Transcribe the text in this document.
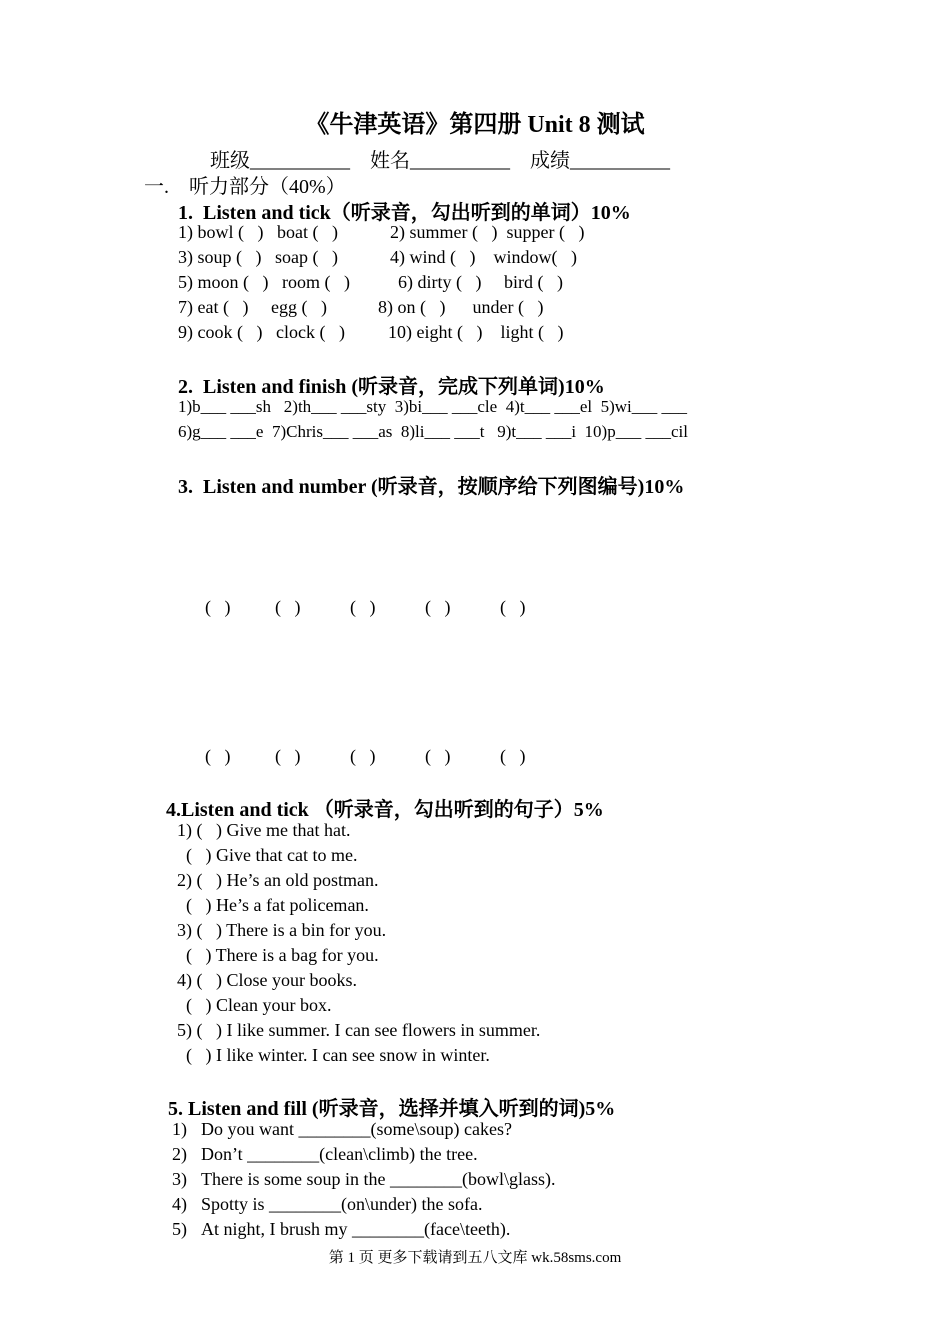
《牛津英语》第四册 Unit 8 测试
班级__________    姓名__________    成绩__________
一.    听力部分（40%）
1.  Listen and tick（听录音，勾出听到的单词）10%
1) bowl (   )   boat (   )	2) summer (   )  supper (   )
3) soup (   )   soap (   )	4) wind (   )    window(   )
5) moon (   )   room (   )	6) dirty (   )     bird (   )
7) eat (   )     egg (   )	8) on (   )      under (   )
9) cook (   )   clock (   ) 10) eight (   )    light (   )
2.  Listen and finish (听录音，完成下列单词)10%
1)b___ ___sh   2)th___ ___sty  3)bi___ ___cle  4)t___ ___el  5)wi___ ___
6)g___ ___e  7)Chris___ ___as  8)li___ ___t   9)t___ ___i  10)p___ ___cil
3.  Listen and number (听录音，按顺序给下列图编号)10%
(   ) (   )	(   )	(   )	(   )
(   ) (   )	(   )	(   )	(   )
4.Listen and tick （听录音，勾出听到的句子）5%
1) (   ) Give me that hat.
(   ) Give that cat to me.
2) (   ) He’s an old postman.
(   ) He’s a fat policeman.
3) (   ) There is a bin for you.
(   ) There is a bag for you.
4) (   ) Close your books.
(   ) Clean your box.
5) (   ) I like summer. I can see flowers in summer.
(   ) I like winter. I can see snow in winter.
5. Listen and fill (听录音，选择并填入听到的词)5%
1) Do you want ________(some\soup) cakes?
2) Don’t ________(clean\climb) the tree.
3) There is some soup in the ________(bowl\glass).
4) Spotty is ________(on\under) the sofa.
5) At night, I brush my ________(face\teeth).
第 1 页 更多下载请到五八文库 wk.58sms.com
